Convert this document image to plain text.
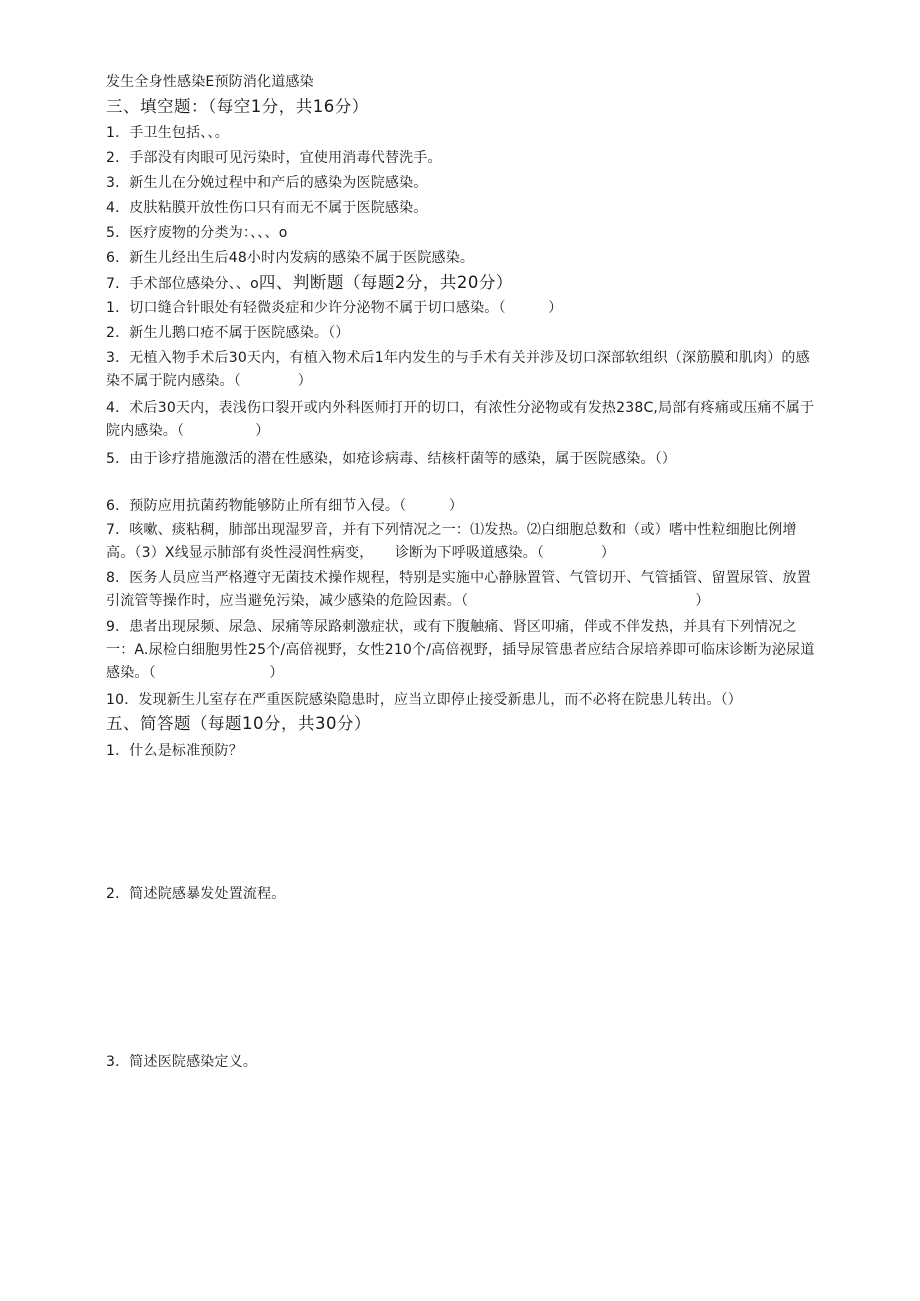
发生全身性感染E预防消化道感染
三、填空题：（每空1分，共16分）
1．手卫生包括、、。
2．手部没有肉眼可见污染时，宜使用消毒代替洗手。
3．新生儿在分娩过程中和产后的感染为医院感染。
4．皮肤粘膜开放性伤口只有而无不属于医院感染。
5．医疗废物的分类为：、、、o
6．新生儿经出生后48小时内发病的感染不属于医院感染。
7．手术部位感染分、、o四、判断题（每题2分，共20分）
1．切口缝合针眼处有轻微炎症和少许分泌物不属于切口感染。（　　　）
2．新生儿鹅口疮不属于医院感染。（）
3．无植入物手术后30天内，有植入物术后1年内发生的与手术有关并涉及切口深部软组织（深筋膜和肌肉）的感染不属于院内感染。（　　　　）
4．术后30天内，表浅伤口裂开或内外科医师打开的切口，有浓性分泌物或有发热238C,局部有疼痛或压痛不属于院内感染。（　　　　　）
5．由于诊疗措施激活的潜在性感染，如疮诊病毒、结核杆菌等的感染，属于医院感染。（）
6．预防应用抗菌药物能够防止所有细节入侵。（　　　）
7．咳嗽、痰粘稠，肺部出现湿罗音，并有下列情况之一：⑴发热。⑵白细胞总数和（或）嗜中性粒细胞比例增高。（3）X线显示肺部有炎性浸润性病变，　　诊断为下呼吸道感染。（　　　　）
8．医务人员应当严格遵守无菌技术操作规程，特别是实施中心静脉置管、气管切开、气管插管、留置尿管、放置引流管等操作时，应当避免污染，减少感染的危险因素。（　　　　　　　　　　　　　　　　）
9．患者出现尿频、尿急、尿痛等尿路刺激症状，或有下腹触痛、肾区叩痛，伴或不伴发热，并具有下列情况之一：A.尿检白细胞男性25个/高倍视野，女性210个/高倍视野，插导尿管患者应结合尿培养即可临床诊断为泌尿道感染。（　　　　　　　　）
10．发现新生儿室存在严重医院感染隐患时，应当立即停止接受新患儿，而不必将在院患儿转出。（）
五、简答题（每题10分，共30分）
1．什么是标准预防？
2．简述院感暴发处置流程。
3．简述医院感染定义。
